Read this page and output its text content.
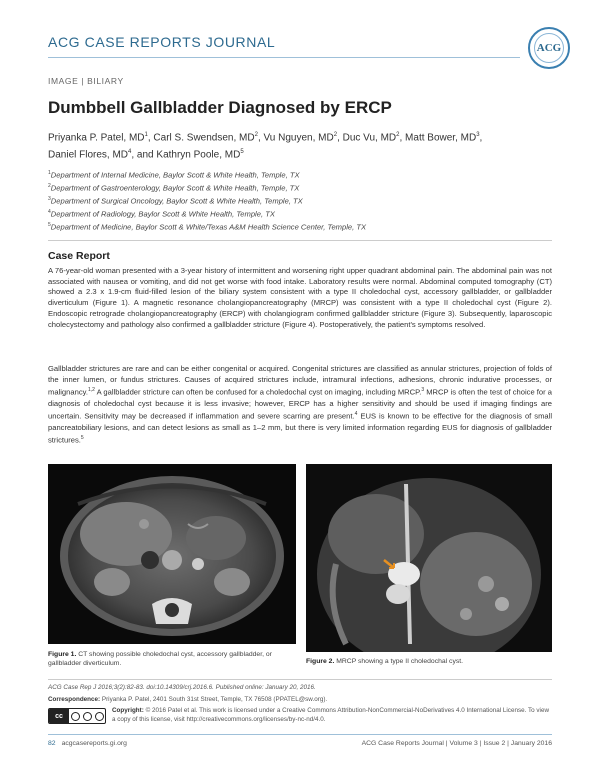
ACG CASE REPORTS JOURNAL	ACG
IMAGE | BILIARY
Dumbbell Gallbladder Diagnosed by ERCP
Priyanka P. Patel, $MD^1$, Carl S. Swendsen, $MD^2$, Vu Nguyen, $MD^2$, Duc Vu, $MD^2$, Matt Bower, $MD^3$,
Daniel Flores, $MD^4$, and Kathryn Poole, $MD^5$
$^1$Department of Internal Medicine, Baylor Scott & White Health, Temple, TX
$^2$Department of Gastroenterology, Baylor Scott & White Health, Temple, TX
$^3$Department of Surgical Oncology, Baylor Scott & White Health, Temple, TX
$^4$Department of Radiology, Baylor Scott & White Health, Temple, TX
$^5$Department of Medicine, Baylor Scott & White/Texas A&M Health Science Center, Temple, TX
Case Report
A 76-year-old woman presented with a 3-year history of intermittent and worsening right upper quadrant abdominal pain. The abdominal pain was not associated with nausea or vomiting, and did not get worse with food intake. Laboratory results were normal. Abdominal computed tomography (CT) showed a 2.3 x 1.9-cm fluid-filled lesion of the biliary system consistent with a type II choledochal cyst, accessory gallbladder, or gallbladder diverticulum (Figure 1). A magnetic resonance cholangiopancreatography (MRCP) was consistent with a type II choledochal cyst (Figure 2). Endoscopic retrograde cholangiopancreatography (ERCP) with cholangiogram confirmed gallbladder stricture (Figure 3). Subsequently, laparoscopic cholecystectomy and pathology also confirmed a gallbladder stricture (Figure 4). Postoperatively, the patient's symptoms resolved.
Gallbladder strictures are rare and can be either congenital or acquired. Congenital strictures are classified as annular strictures, projection of folds of the inner lumen, or fundus strictures. Causes of acquired strictures include, intramural infections, adhesions, chronic indurative processes, or malignancy.$^{1,2}$ A gallbladder stricture can often be confused for a choledochal cyst on imaging, including MRCP.$^3$ MRCP is often the test of choice for a diagnosis of choledochal cyst because it is less invasive; however, ERCP has a higher sensitivity and should be used if imaging findings are uncertain. Sensitivity may be decreased if inflammation and severe scarring are present.$^4$ EUS is known to be effective for the diagnosis of small pancreatobiliary lesions, and can detect lesions as small as 1–2 mm, but there is very limited information regarding EUS for diagnosis of gallbladder strictures.$^5$
Figure 1. CT showing possible choledochal cyst, accessory gallbladder, or gallbladder diverticulum.	Figure 2. MRCP showing a type II choledochal cyst.
ACG Case Rep J 2016;3(2):82-83. doi:10.14309/crj.2016.6. Published online: January 20, 2016.
Correspondence: Priyanka P. Patel, 2401 South 31st Street, Temple, TX 76508 (PPATEL@sw.org).
cc
Copyright: © 2016 Patel et al. This work is licensed under a Creative Commons Attribution-NonCommercial-NoDerivatives 4.0 International License. To view a copy of this license, visit http://creativecommons.org/licenses/by-nc-nd/4.0.
82 acgcasereports.gi.org	ACG Case Reports Journal | Volume 3 | Issue 2 | January 2016
